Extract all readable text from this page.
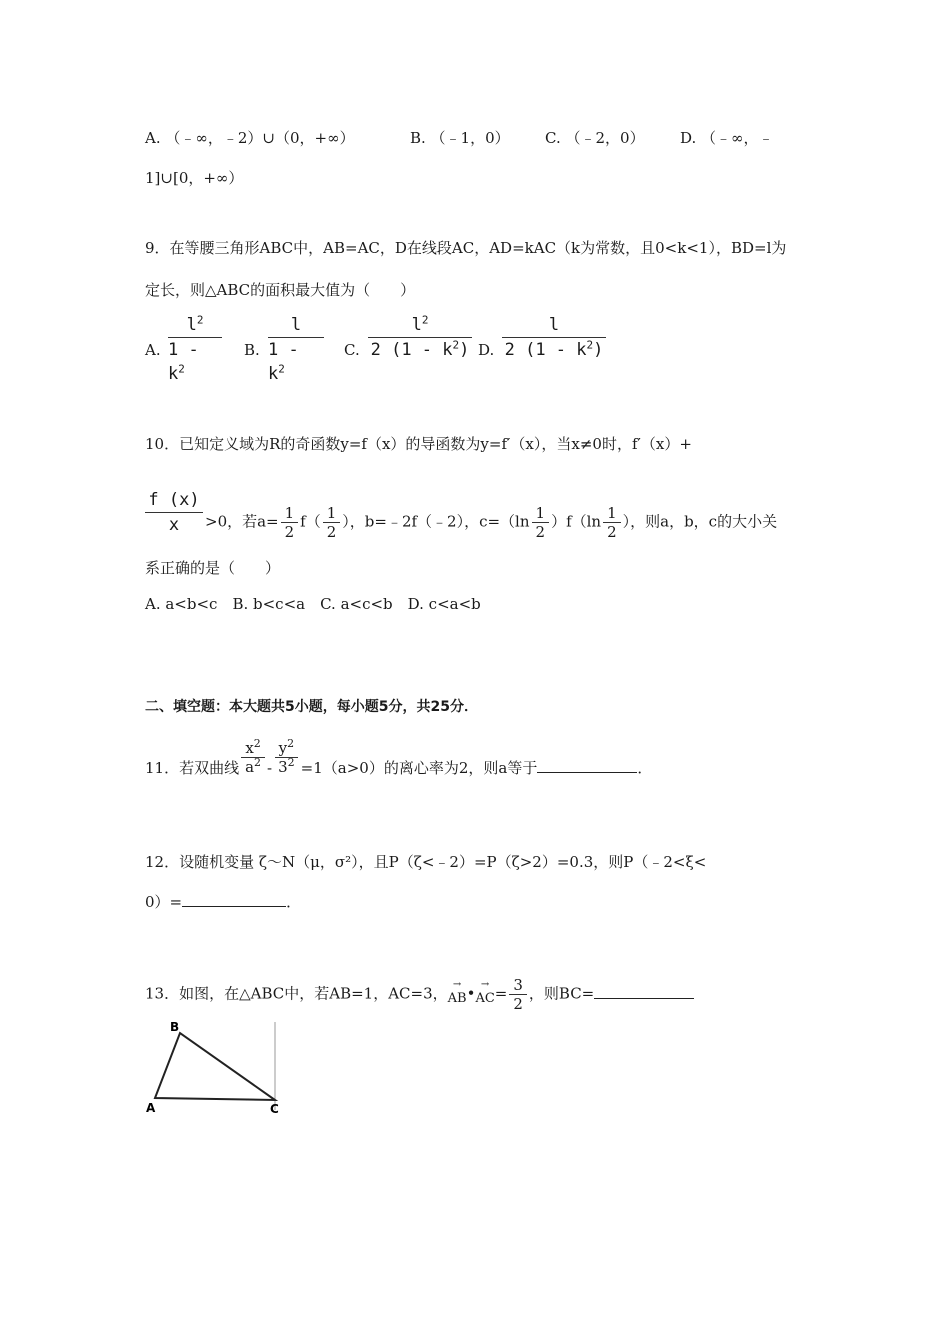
A. （﹣∞，﹣2）∪（0，+∞）	B. （﹣1，0） C. （﹣2，0） D. （﹣∞，﹣
1]∪[0，+∞）
9．在等腰三角形ABC中，AB=AC，D在线段AC，AD=kAC（k为常数，且0<k<1），BD=l为
定长，则△ABC的面积最大值为（　　）
A. $\frac{l^2}{1 - k^2} B$. $\frac{l}{1 - k^2} C$. $\frac{l^2}{2 (1 - k^2)} D$. $\frac{l}{2 (1 - k^2)}$
10．已知定义域为R的奇函数y=f（x）的导函数为y=f′（x），当x≠0时，f′（x）+
$\frac{f (x)}{x} >0$，若$a= \frac{1}{2} f( \frac{1}{2}$ ），b=﹣2f（﹣2），$c=(\ln \frac{1}{2} )f(\ln \frac{1}{2}$ ），则a，b，c的大小关
系正确的是（　　）
A. a<b<c　B. b<c<a　C. a<c<b　D. c<a<b
二、填空题：本大题共5小题，每小题5分，共25分．
11．若双曲线 $\frac{x^2}{a^2} - \frac{y^2}{3^2} =1(a>0)$的离心率为2，则a等于	．
12．设随机变量 ζ～N（μ，σ²），且P（ζ<﹣2）=P（ζ>2）=0.3，则P（﹣2<ξ<
0）=	．
13．如图，在△ABC中，若AB=1，AC=3，
→
AB •
→
AC = $\frac{3}{2}$ ，则BC=
B
A	C
